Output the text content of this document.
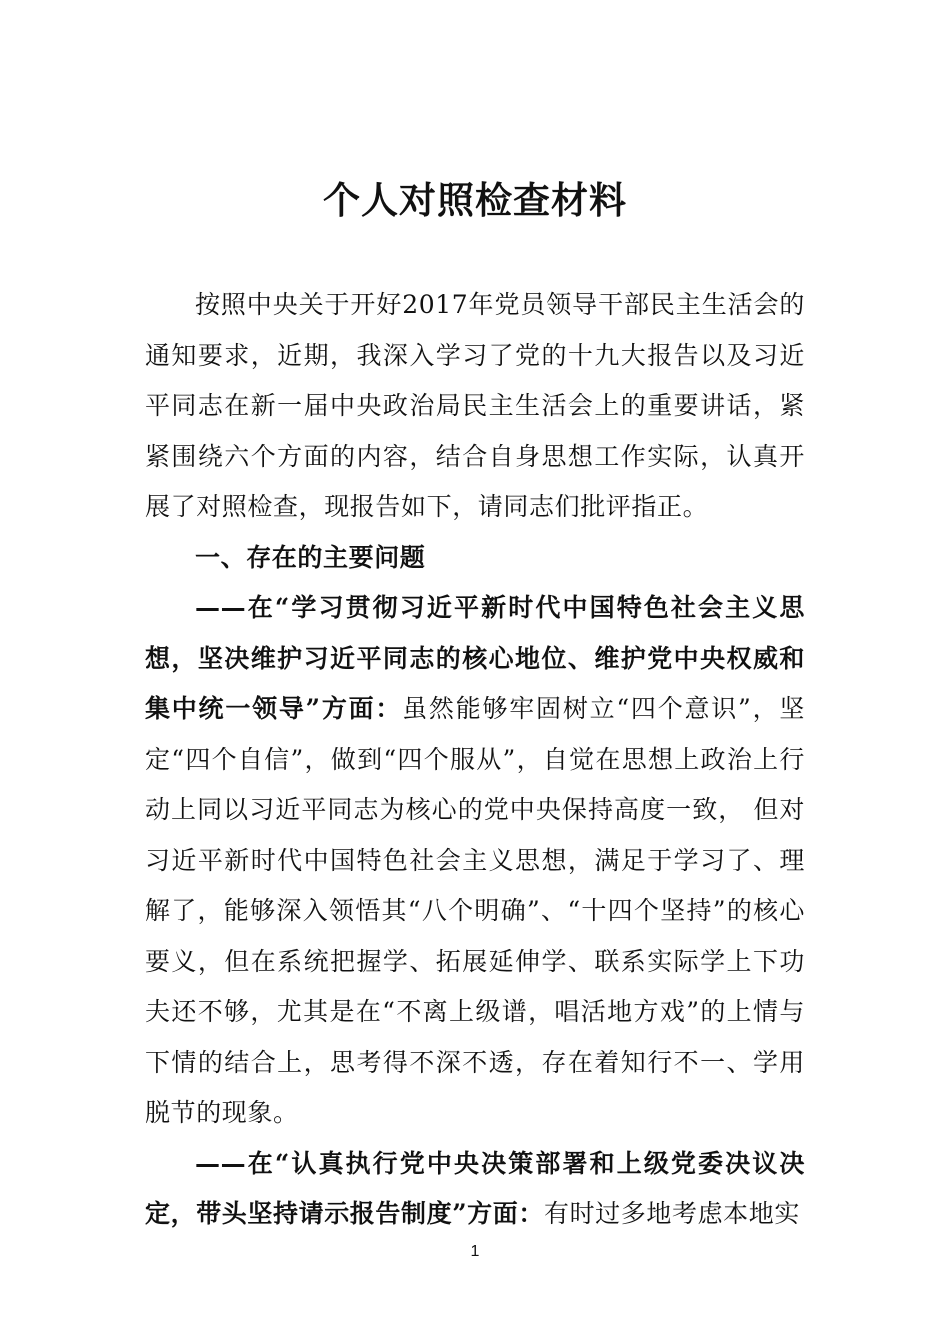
个人对照检查材料

按照中央关于开好2017年党员领导干部民主生活会的通知要求，近期，我深入学习了党的十九大报告以及习近平同志在新一届中央政治局民主生活会上的重要讲话，紧紧围绕六个方面的内容，结合自身思想工作实际，认真开展了对照检查，现报告如下，请同志们批评指正。

一、存在的主要问题

——在“学习贯彻习近平新时代中国特色社会主义思想，坚决维护习近平同志的核心地位、维护党中央权威和集中统一领导”方面：虽然能够牢固树立“四个意识”，坚定“四个自信”，做到“四个服从”，自觉在思想上政治上行动上同以习近平同志为核心的党中央保持高度一致， 但对习近平新时代中国特色社会主义思想，满足于学习了、理解了，能够深入领悟其“八个明确”、“十四个坚持”的核心要义，但在系统把握学、拓展延伸学、联系实际学上下功夫还不够，尤其是在“不离上级谱，唱活地方戏”的上情与下情的结合上，思考得不深不透，存在着知行不一、学用脱节的现象。

——在“认真执行党中央决策部署和上级党委决议决定，带头坚持请示报告制度”方面：有时过多地考虑本地实

1
